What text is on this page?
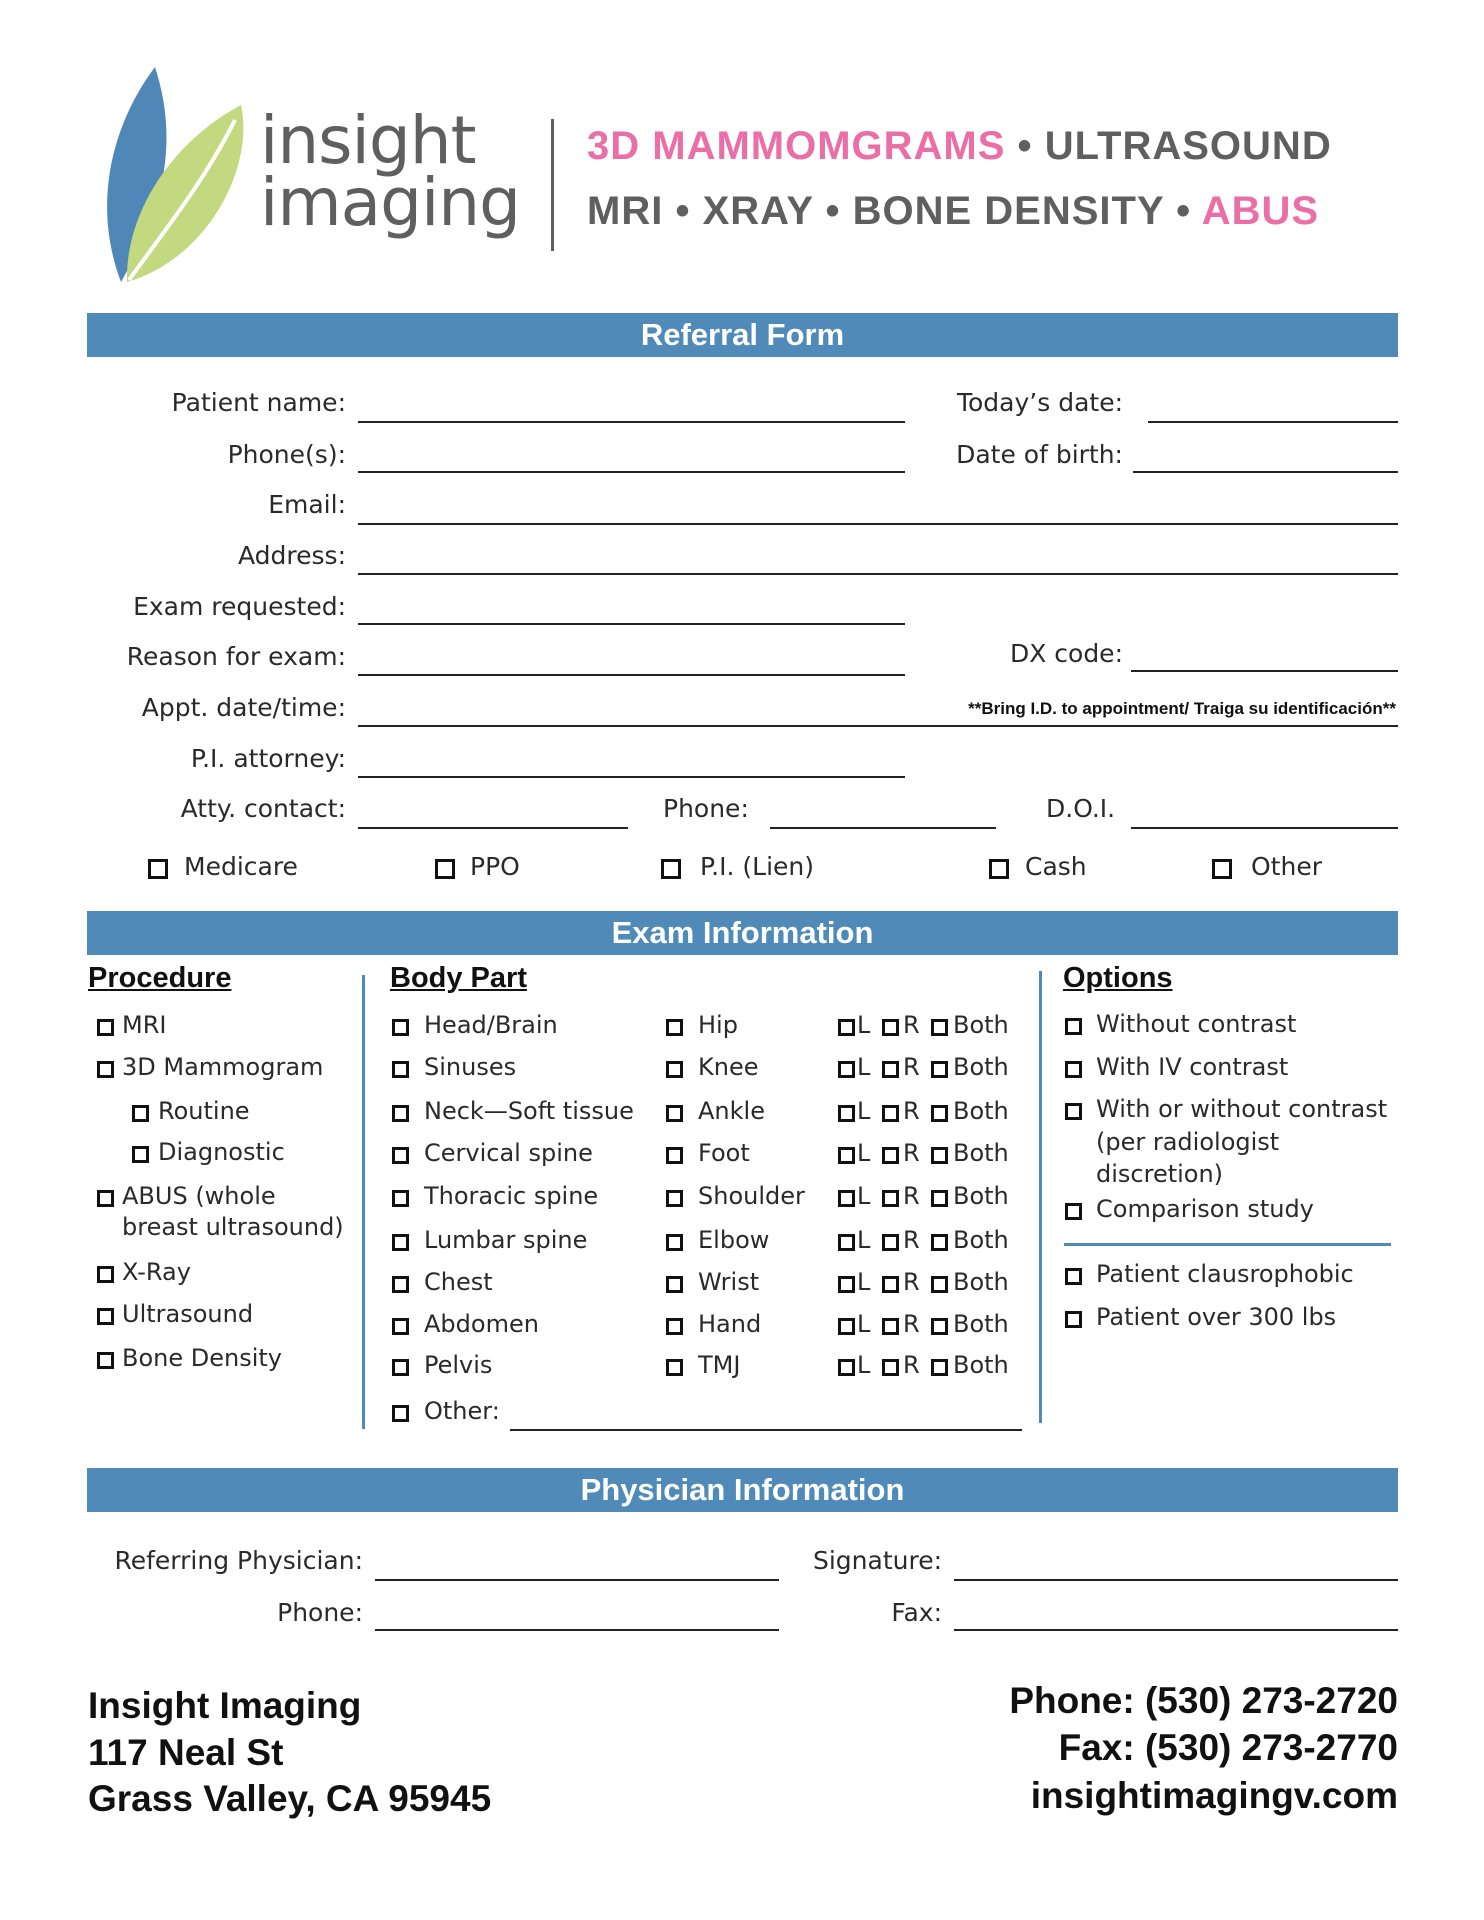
insight
imaging
3D MAMMOMGRAMS • ULTRASOUND
MRI • XRAY • BONE DENSITY • ABUS
Referral Form
Patient name:	Today’s date:
Phone(s):	Date of birth:
Email:
Address:
Exam requested:
Reason for exam:	DX code:
Appt. date/time:	**Bring I.D. to appointment/ Traiga su identificación**
P.I. attorney:
Atty. contact:	Phone:	D.O.I.
Medicare	PPO	P.I. (Lien)	Cash	Other
Exam Information
Procedure	Body Part	Options
MRI
3D Mammogram
Routine
Diagnostic
ABUS (whole
breast ultrasound)
X-Ray
Ultrasound
Bone Density
Head/Brain	Hip	L R Both
Sinuses	Knee	L R Both
Neck—Soft tissue	Ankle	L R Both
Cervical spine	Foot	L R Both
Thoracic spine	Shoulder L R Both
Lumbar spine	Elbow	L R Both
Chest	Wrist	L R Both
Abdomen	Hand	L R Both
Pelvis	TMJ	L R Both
Other:
Without contrast
With IV contrast
With or without contrast
(per radiologist
discretion)
Comparison study
Patient clausrophobic
Patient over 300 lbs
Physician Information
Referring Physician:	Signature:
Phone:	Fax:
Insight Imaging
117 Neal St
Grass Valley, CA 95945
Phone: (530) 273-2720
Fax: (530) 273-2770
insightimagingv.com
